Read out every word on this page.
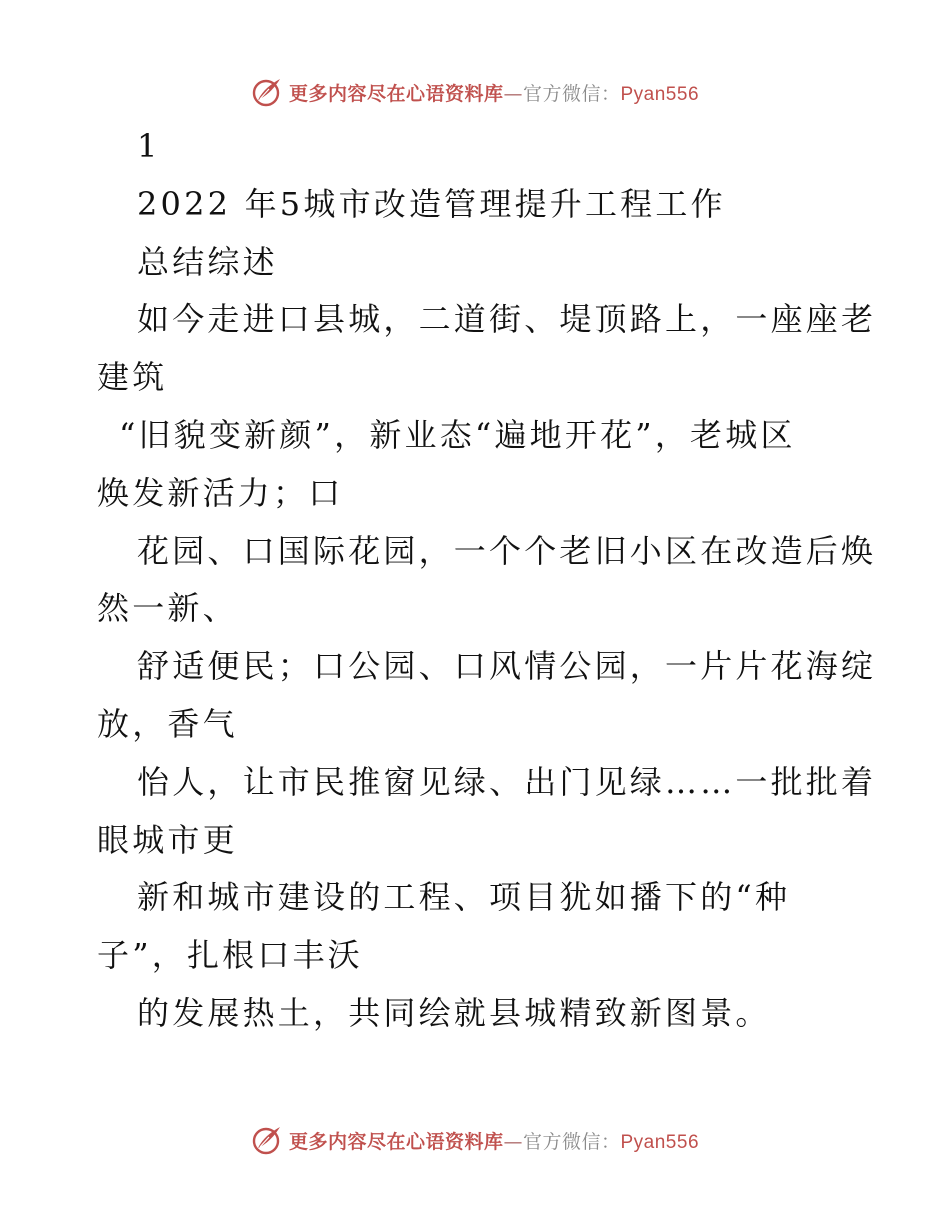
更多内容尽在心语资料库—官方微信：Pyan556
1
2022 年5城市改造管理提升工程工作
总结综述
如今走进口县城，二道街、堤顶路上，一座座老
建筑
“旧貌变新颜”，新业态“遍地开花”，老城区
焕发新活力；口
花园、口国际花园，一个个老旧小区在改造后焕
然一新、
舒适便民；口公园、口风情公园，一片片花海绽
放，香气
怡人，让市民推窗见绿、出门见绿……一批批着
眼城市更
新和城市建设的工程、项目犹如播下的“种
子”，扎根口丰沃
的发展热土，共同绘就县城精致新图景。
更多内容尽在心语资料库—官方微信：Pyan556
